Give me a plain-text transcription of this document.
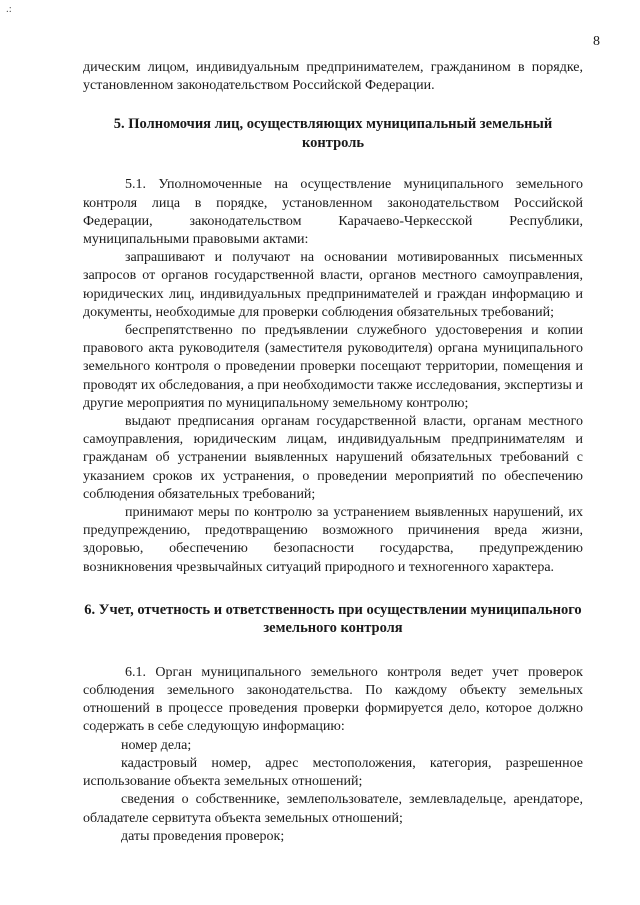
.:
8

дическим лицом, индивидуальным предпринимателем, гражданином в порядке, установленном законодательством Российской Федерации.

5. Полномочия лиц, осуществляющих муниципальный земельный контроль

5.1. Уполномоченные на осуществление муниципального земельного контроля лица в порядке, установленном законодательством Российской Федерации, законодательством Карачаево-Черкесской Республики, муниципальными правовыми актами:

запрашивают и получают на основании мотивированных письменных запросов от органов государственной власти, органов местного самоуправления, юридических лиц, индивидуальных предпринимателей и граждан информацию и документы, необходимые для проверки соблюдения обязательных требований;

беспрепятственно по предъявлении служебного удостоверения и копии правового акта руководителя (заместителя руководителя) органа муниципального земельного контроля о проведении проверки посещают территории, помещения и проводят их обследования, а при необходимости также исследования, экспертизы и другие мероприятия по муниципальному земельному контролю;

выдают предписания органам государственной власти, органам местного самоуправления, юридическим лицам, индивидуальным предпринимателям и гражданам об устранении выявленных нарушений обязательных требований с указанием сроков их устранения, о проведении мероприятий по обеспечению соблюдения обязательных требований;

принимают меры по контролю за устранением выявленных нарушений, их предупреждению, предотвращению возможного причинения вреда жизни, здоровью, обеспечению безопасности государства, предупреждению возникновения чрезвычайных ситуаций природного и техногенного характера.

6. Учет, отчетность и ответственность при осуществлении муниципального земельного контроля

6.1. Орган муниципального земельного контроля ведет учет проверок соблюдения земельного законодательства. По каждому объекту земельных отношений в процессе проведения проверки формируется дело, которое должно содержать в себе следующую информацию:

номер дела;

кадастровый номер, адрес местоположения, категория, разрешенное использование объекта земельных отношений;

сведения о собственнике, землепользователе, землевладельце, арендаторе, обладателе сервитута объекта земельных отношений;

даты проведения проверок;
